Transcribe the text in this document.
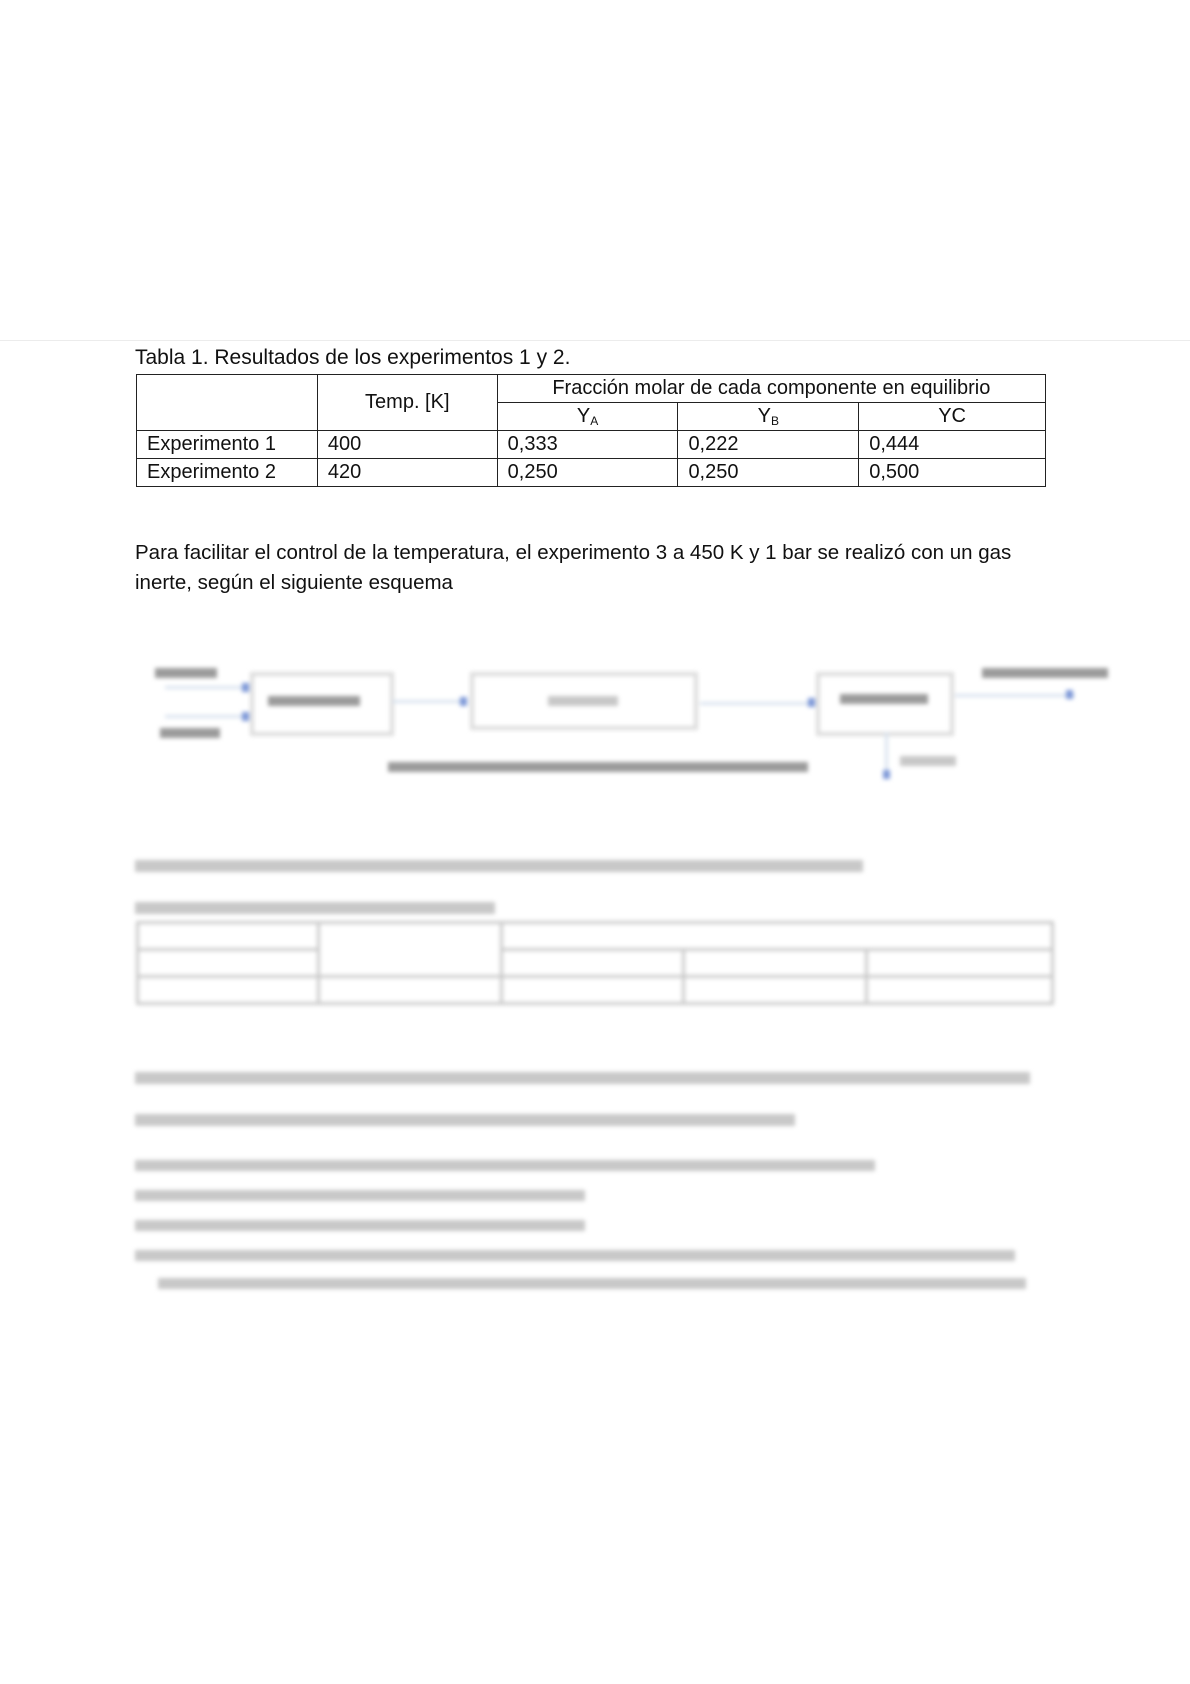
Tabla 1. Resultados de los experimentos 1 y 2.
	Temp. [K]	Fracción molar de cada componente en equilibrio		
		$Y_A$	$Y_B$	YC
Experimento 1	400	0,333	0,222	0,444
Experimento 2	420	0,250	0,250	0,500
Para facilitar el control de la temperatura, el experimento 3 a 450 K y 1 bar se realizó con un gas inerte, según el siguiente esquema
